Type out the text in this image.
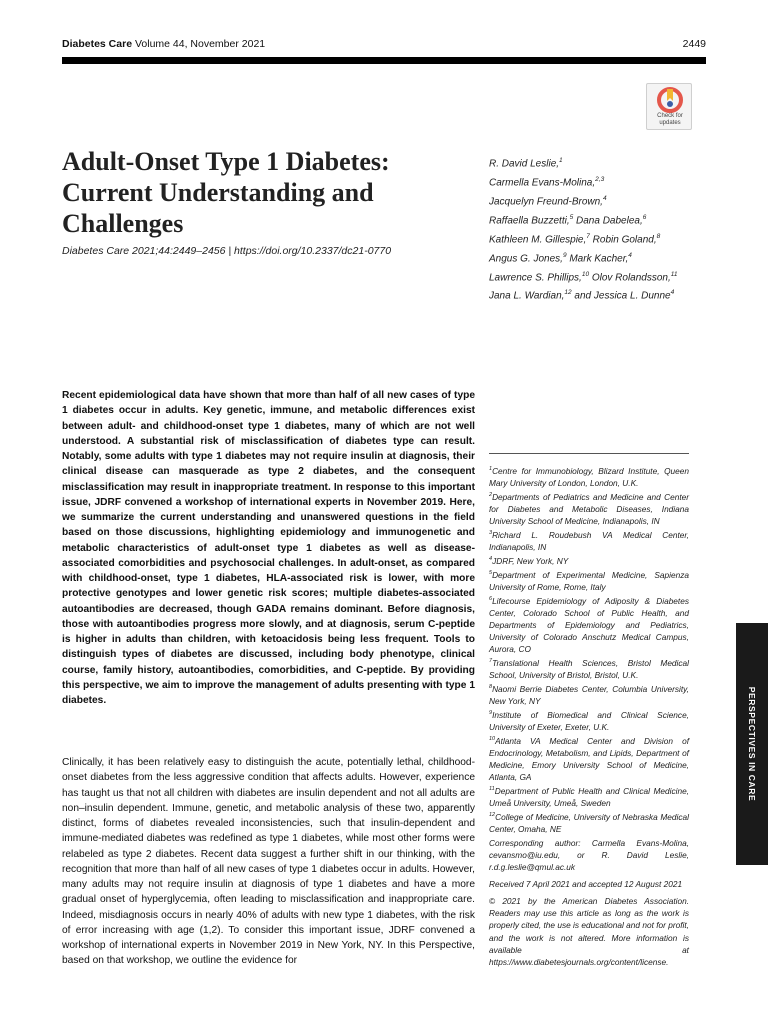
Diabetes Care Volume 44, November 2021	2449
Check for
updates
Adult-Onset Type 1 Diabetes:
Current Understanding and
Challenges
Diabetes Care 2021;44:2449–2456 | https://doi.org/10.2337/dc21-0770
R. David Leslie,$^1$
Carmella Evans-Molina,$^{2,3}$
Jacquelyn Freund-Brown,$^4$
Raffaella Buzzetti,$^5$ Dana Dabelea,$^6$
Kathleen M. Gillespie,$^7$ Robin Goland,$^8$
Angus G. Jones,$^9$ Mark Kacher,$^4$
Lawrence S. Phillips,$^{10}$ Olov Rolandsson,$^{11}$
Jana L. Wardian,$^{12}$ and Jessica L. Dunne$^4$

Recent epidemiological data have shown that more than half of all new cases of type 1 diabetes occur in adults. Key genetic, immune, and metabolic differences exist between adult- and childhood-onset type 1 diabetes, many of which are not well understood. A substantial risk of misclassification of diabetes type can result. Notably, some adults with type 1 diabetes may not require insulin at diagnosis, their clinical disease can masquerade as type 2 diabetes, and the consequent misclassification may result in inappropriate treatment. In response to this important issue, JDRF convened a workshop of international experts in November 2019. Here, we summarize the current understanding and unanswered questions in the field based on those discussions, highlighting epidemiology and immunogenetic and metabolic characteristics of adult-onset type 1 diabetes as well as disease-associated comorbidities and psychosocial challenges. In adult-onset, as compared with childhood-onset, type 1 diabetes, HLA-associated risk is lower, with more protective genotypes and lower genetic risk scores; multiple diabetes-associated autoantibodies are decreased, though GADA remains dominant. Before diagnosis, those with autoantibodies progress more slowly, and at diagnosis, serum C-peptide is higher in adults than children, with ketoacidosis being less frequent. Tools to distinguish types of diabetes are discussed, including body phenotype, clinical course, family history, autoantibodies, comorbidities, and C-peptide. By providing this perspective, we aim to improve the management of adults presenting with type 1 diabetes.

Clinically, it has been relatively easy to distinguish the acute, potentially lethal, childhood-onset diabetes from the less aggressive condition that affects adults. However, experience has taught us that not all children with diabetes are insulin dependent and not all adults are non–insulin dependent. Immune, genetic, and metabolic analysis of these two, apparently distinct, forms of diabetes revealed inconsistencies, such that insulin-dependent and immune-mediated diabetes was redefined as type 1 diabetes, while most other forms were relabeled as type 2 diabetes. Recent data suggest a further shift in our thinking, with the recognition that more than half of all new cases of type 1 diabetes occur in adults. However, many adults may not require insulin at diagnosis of type 1 diabetes and have a more gradual onset of hyperglycemia, often leading to misclassification and inappropriate care. Indeed, misdiagnosis occurs in nearly 40% of adults with new type 1 diabetes, with the risk of error increasing with age (1,2). To consider this important issue, JDRF convened a workshop of international experts in November 2019 in New York, NY. In this Perspective, based on that workshop, we outline the evidence for

$^1$Centre for Immunobiology, Blizard Institute, Queen Mary University of London, London, U.K.
$^2$Departments of Pediatrics and Medicine and Center for Diabetes and Metabolic Diseases, Indiana University School of Medicine, Indianapolis, IN
$^3$Richard L. Roudebush VA Medical Center, Indianapolis, IN
$^4$JDRF, New York, NY
$^5$Department of Experimental Medicine, Sapienza University of Rome, Rome, Italy
$^6$Lifecourse Epidemiology of Adiposity & Diabetes Center, Colorado School of Public Health, and Departments of Epidemiology and Pediatrics, University of Colorado Anschutz Medical Campus, Aurora, CO
$^7$Translational Health Sciences, Bristol Medical School, University of Bristol, Bristol, U.K.
$^8$Naomi Berrie Diabetes Center, Columbia University, New York, NY
$^9$Institute of Biomedical and Clinical Science, University of Exeter, Exeter, U.K.
$^{10}$Atlanta VA Medical Center and Division of Endocrinology, Metabolism, and Lipids, Department of Medicine, Emory University School of Medicine, Atlanta, GA
$^{11}$Department of Public Health and Clinical Medicine, Umeå University, Umeå, Sweden
$^{12}$College of Medicine, University of Nebraska Medical Center, Omaha, NE
Corresponding author: Carmella Evans-Molina, cevansmo@iu.edu, or R. David Leslie, r.d.g.leslie@qmul.ac.uk
Received 7 April 2021 and accepted 12 August 2021
© 2021 by the American Diabetes Association. Readers may use this article as long as the work is properly cited, the use is educational and not for profit, and the work is not altered. More information is available at https://www.diabetesjournals.org/content/license.
PERSPECTIVES IN CARE
